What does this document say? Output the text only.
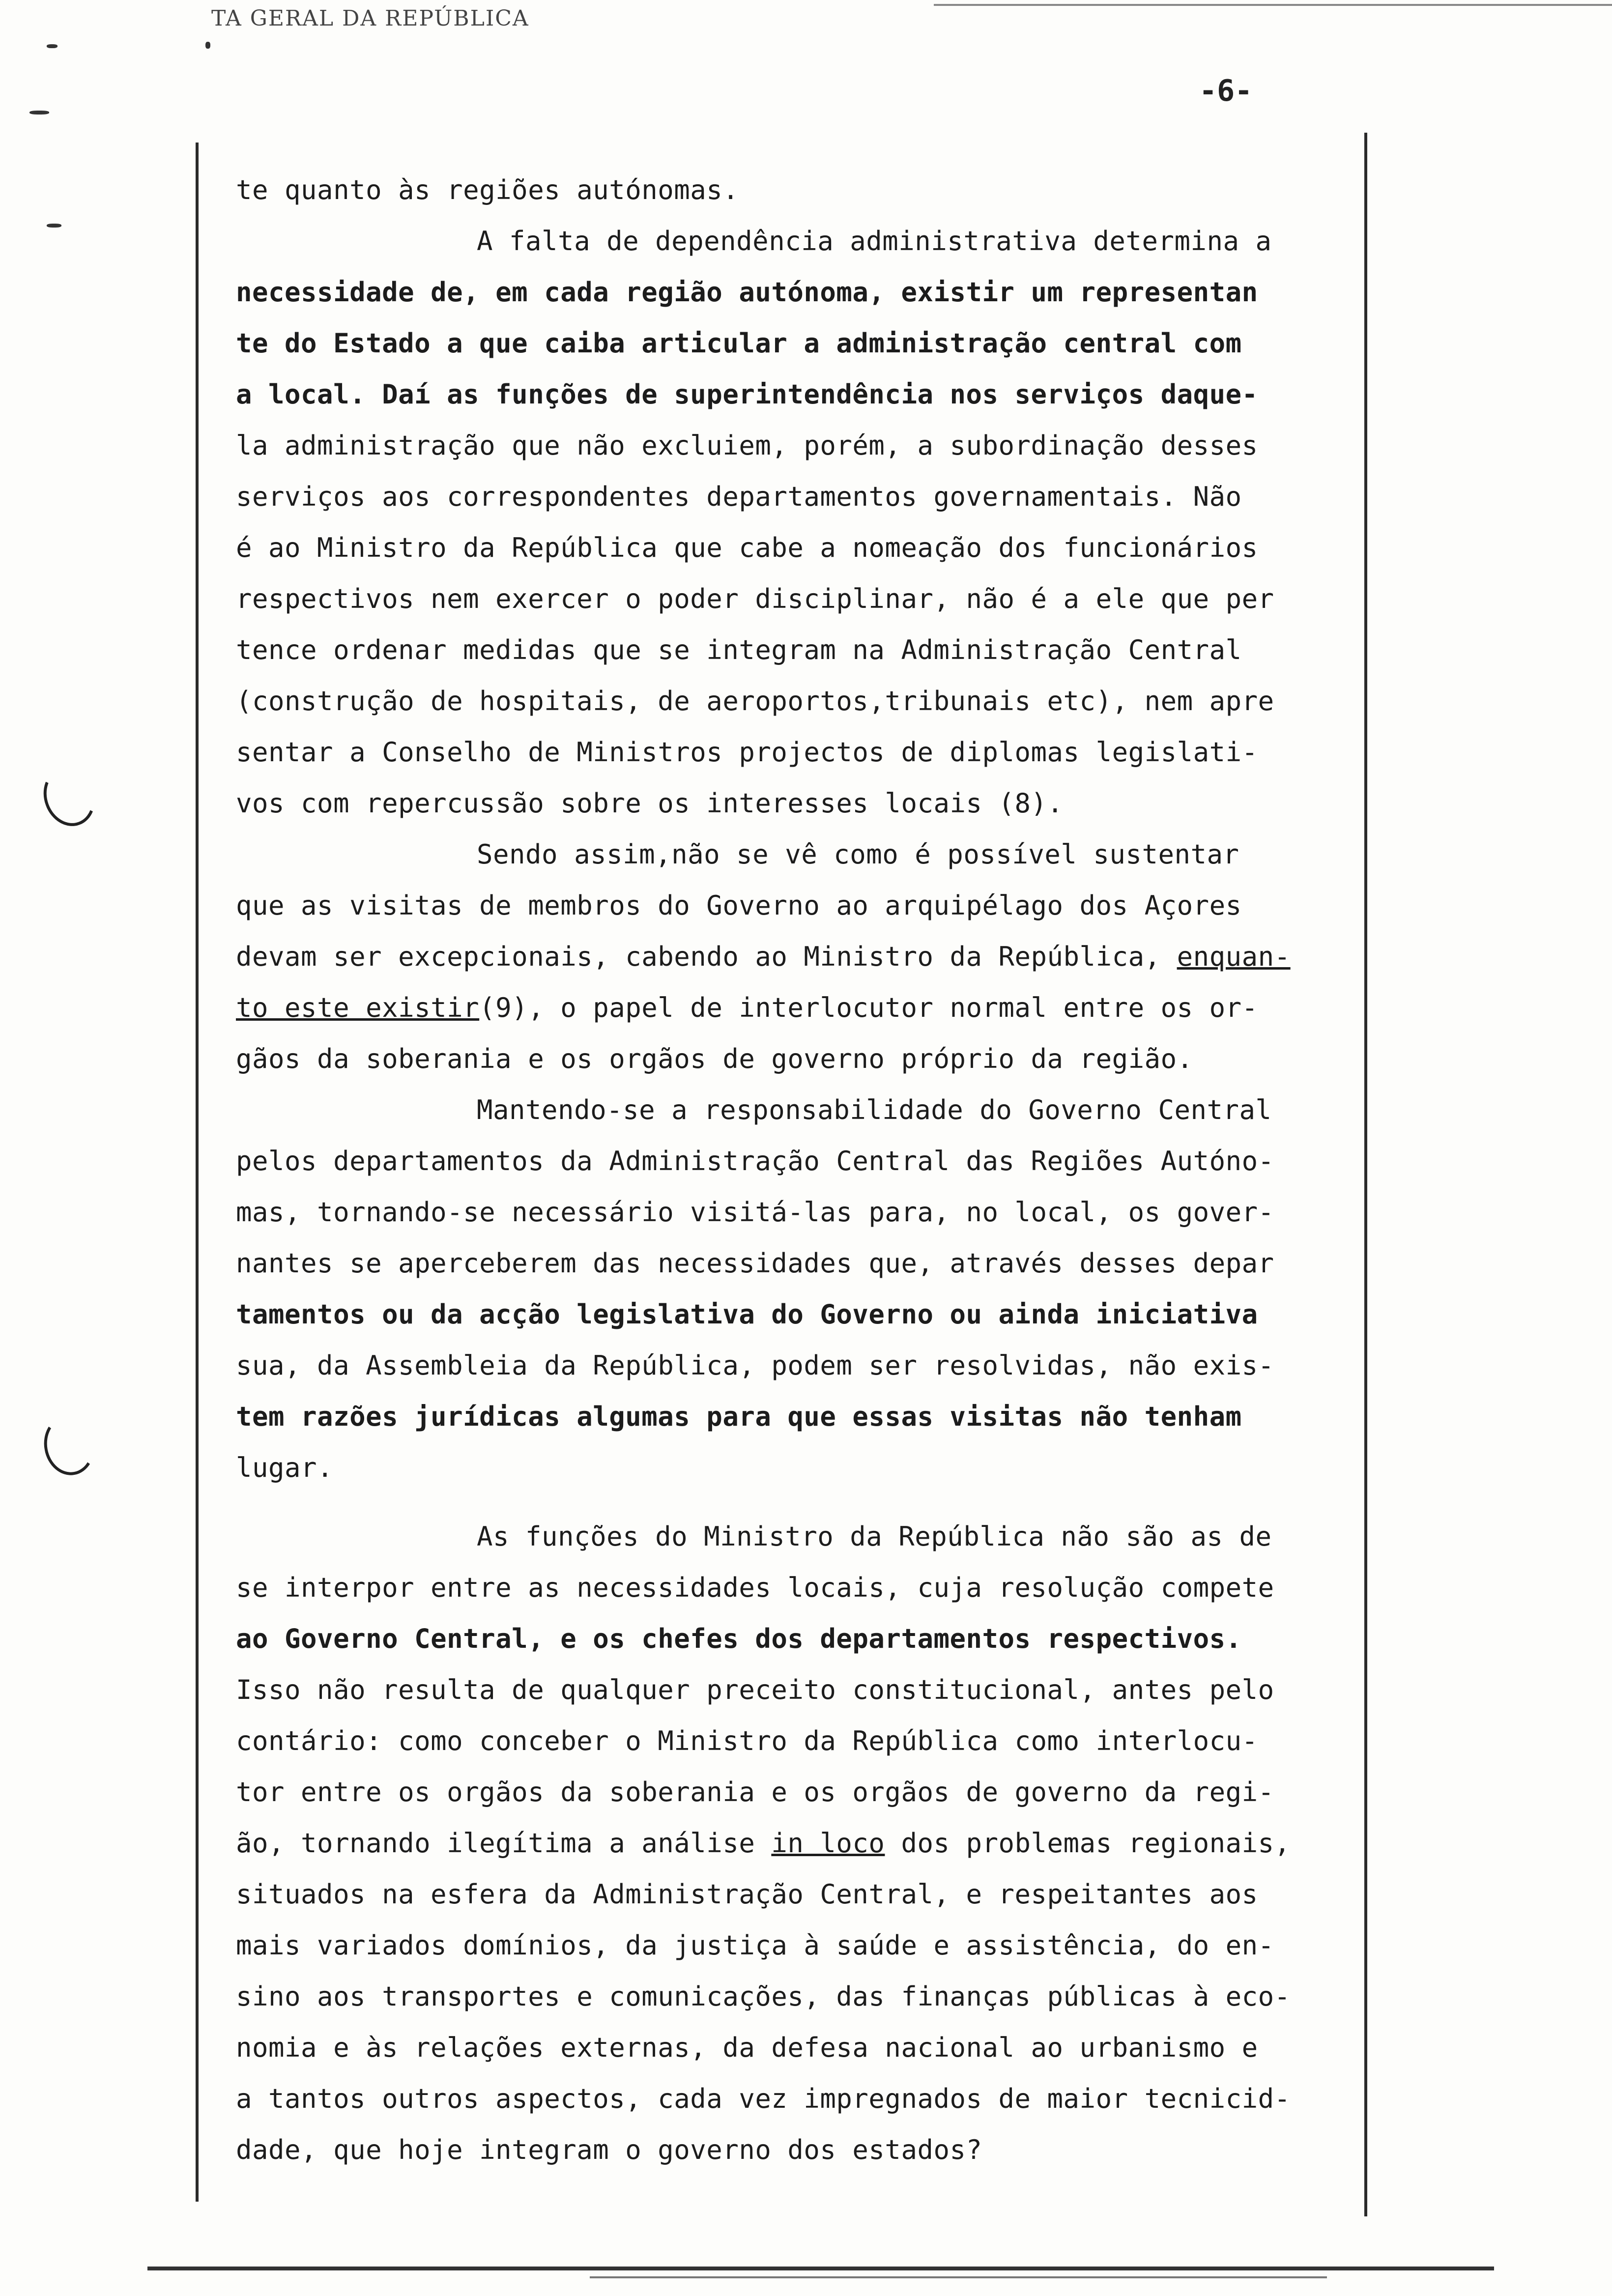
TA GERAL DA REPÚBLICA
-6-
te quanto às regiões autónomas.
A falta de dependência administrativa determina a
necessidade de, em cada região autónoma, existir um representan
te do Estado a que caiba articular a administração central com
a local. Daí as funções de superintendência nos serviços daque-
la administração que não excluiem, porém, a subordinação desses
serviços aos correspondentes departamentos governamentais. Não
é ao Ministro da República que cabe a nomeação dos funcionários
respectivos nem exercer o poder disciplinar, não é a ele que per
tence ordenar medidas que se integram na Administração Central
(construção de hospitais, de aeroportos,tribunais etc), nem apre
sentar a Conselho de Ministros projectos de diplomas legislati-
vos com repercussão sobre os interesses locais (8).
Sendo assim,não se vê como é possível sustentar
que as visitas de membros do Governo ao arquipélago dos Açores
devam ser excepcionais, cabendo ao Ministro da República, enquan-
to este existir(9), o papel de interlocutor normal entre os or-
gãos da soberania e os orgãos de governo próprio da região.
Mantendo-se a responsabilidade do Governo Central
pelos departamentos da Administração Central das Regiões Autóno-
mas, tornando-se necessário visitá-las para, no local, os gover-
nantes se aperceberem das necessidades que, através desses depar
tamentos ou da acção legislativa do Governo ou ainda iniciativa
sua, da Assembleia da República, podem ser resolvidas, não exis-
tem razões jurídicas algumas para que essas visitas não tenham
lugar.
As funções do Ministro da República não são as de
se interpor entre as necessidades locais, cuja resolução compete
ao Governo Central, e os chefes dos departamentos respectivos.
Isso não resulta de qualquer preceito constitucional, antes pelo
contário: como conceber o Ministro da República como interlocu-
tor entre os orgãos da soberania e os orgãos de governo da regi-
ão, tornando ilegítima a análise in loco dos problemas regionais,
situados na esfera da Administração Central, e respeitantes aos
mais variados domínios, da justiça à saúde e assistência, do en-
sino aos transportes e comunicações, das finanças públicas à eco-
nomia e às relações externas, da defesa nacional ao urbanismo e
a tantos outros aspectos, cada vez impregnados de maior tecnicid-
dade, que hoje integram o governo dos estados?
